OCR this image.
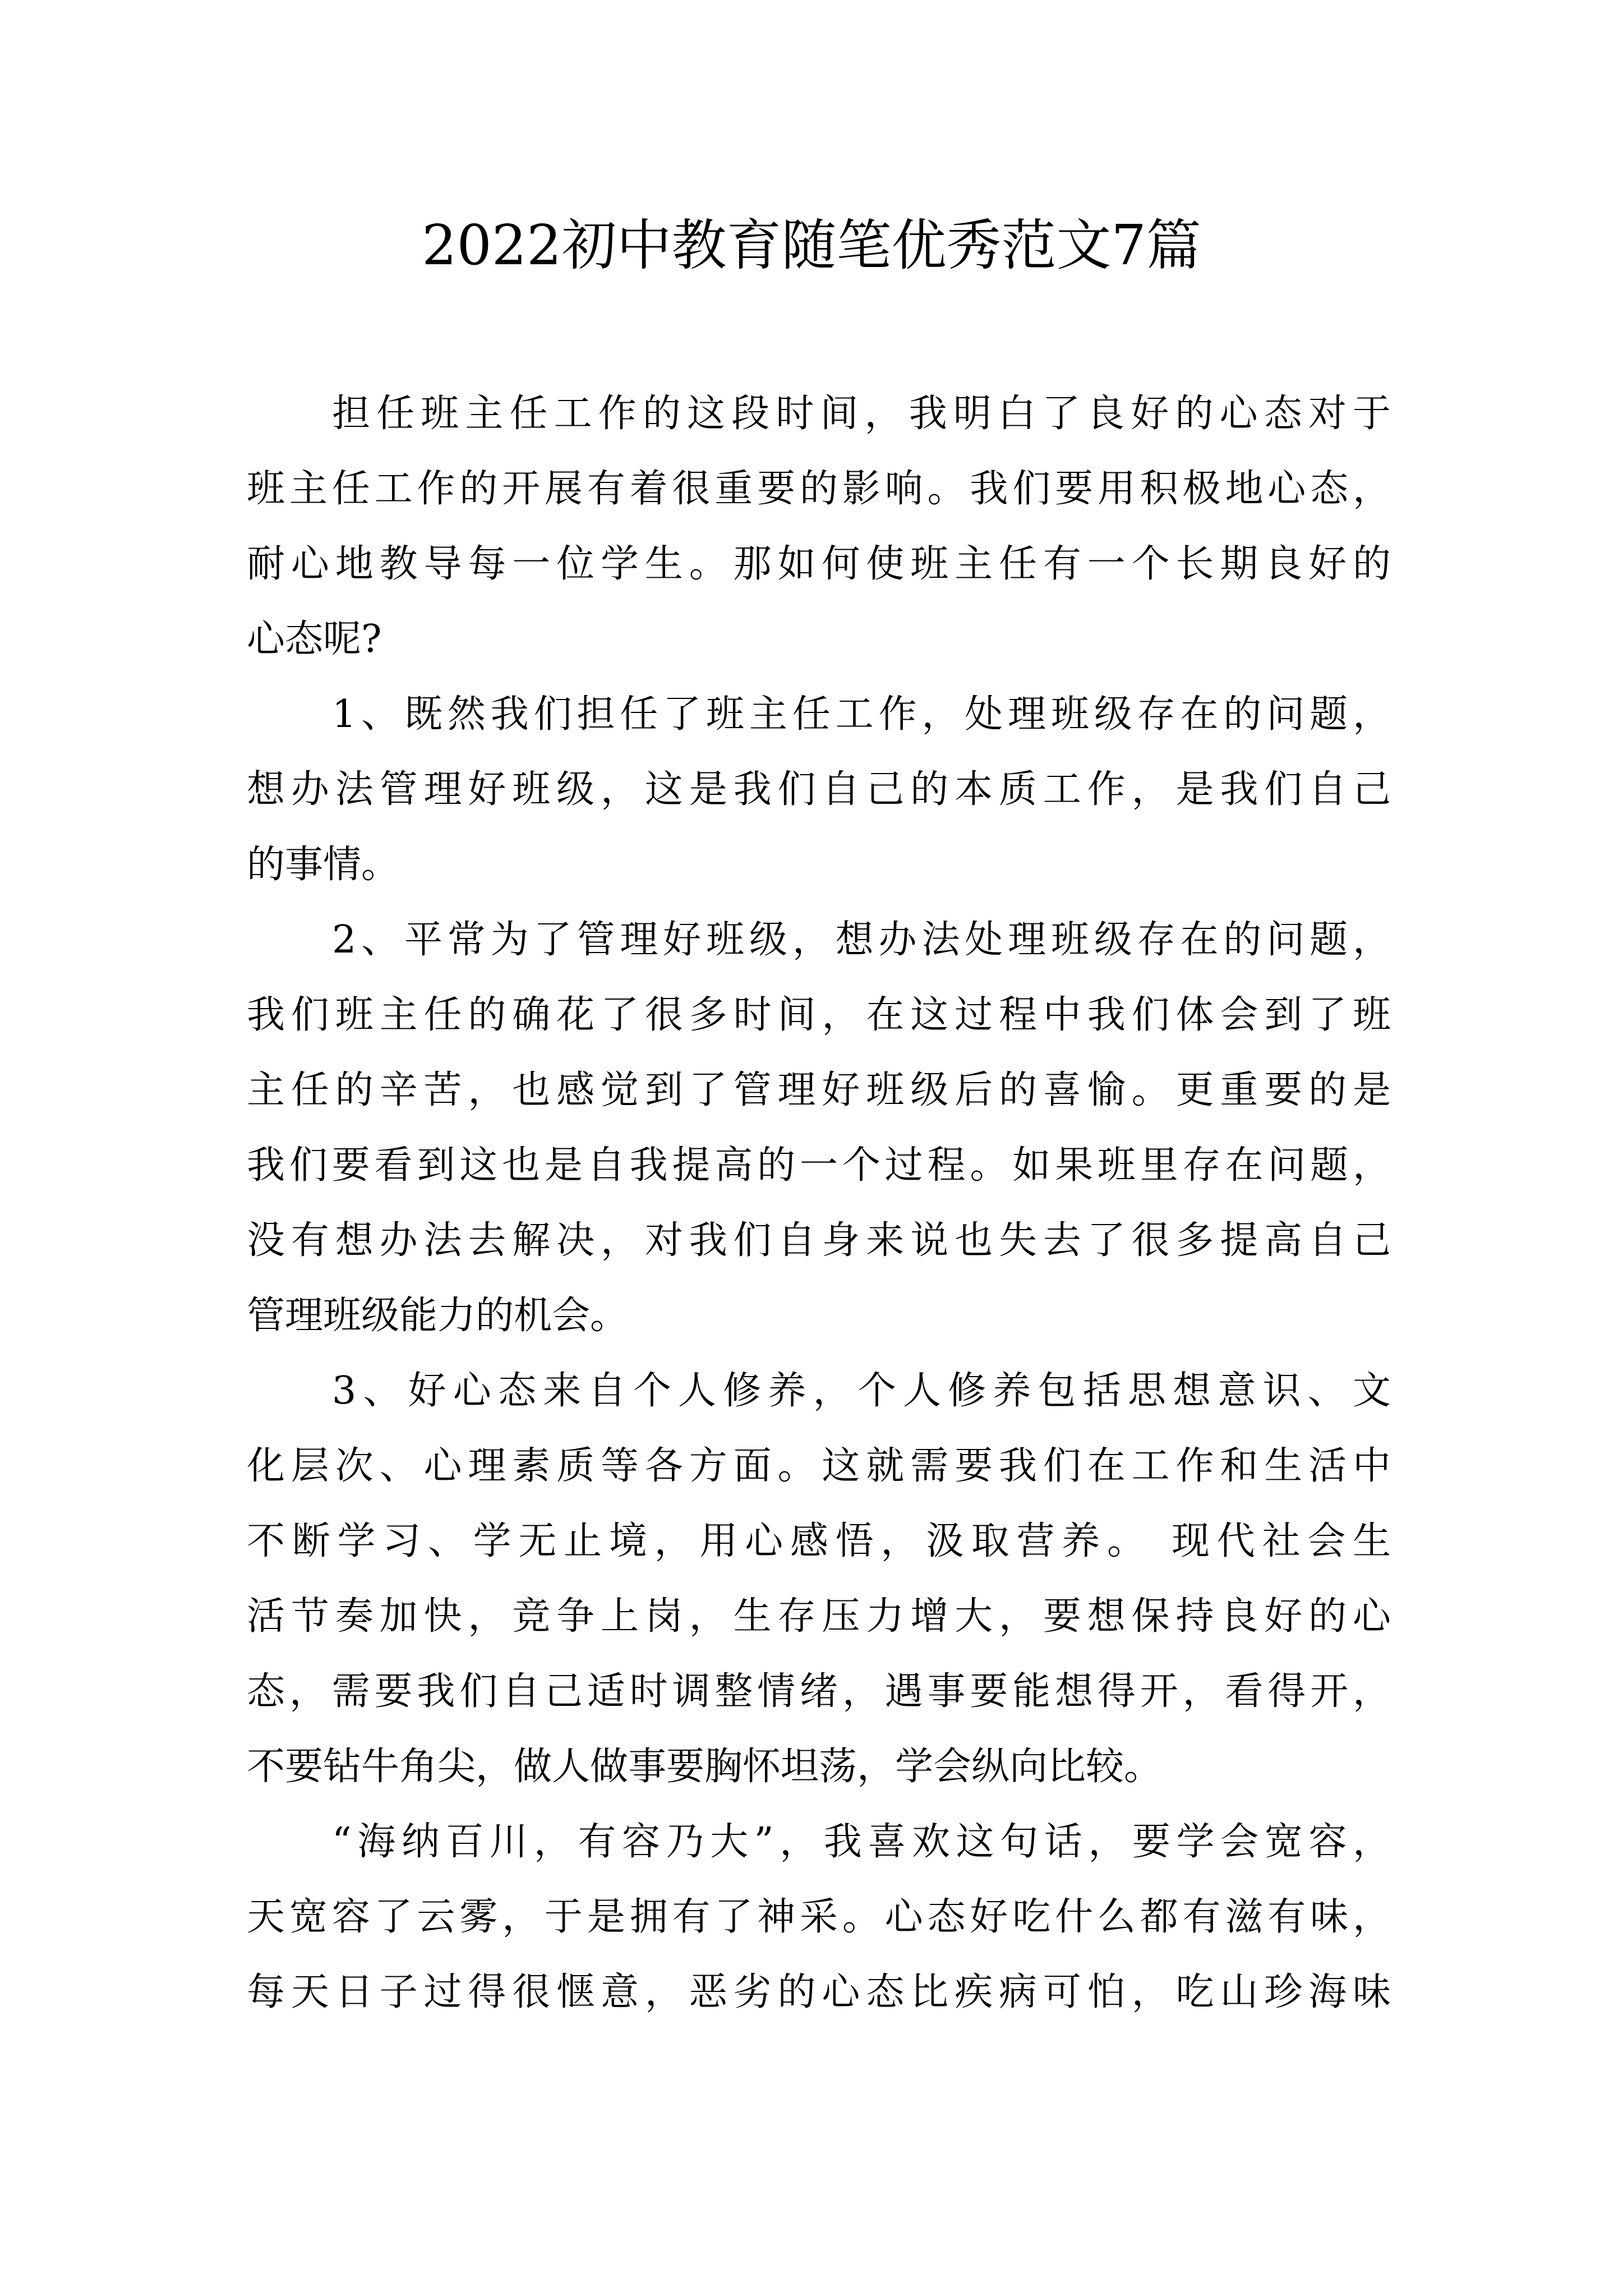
2022初中教育随笔优秀范文7篇
担任班主任工作的这段时间，我明白了良好的心态对于
班主任工作的开展有着很重要的影响。我们要用积极地心态，
耐心地教导每一位学生。那如何使班主任有一个长期良好的
心态呢?
1、既然我们担任了班主任工作，处理班级存在的问题，
想办法管理好班级，这是我们自己的本质工作，是我们自己
的事情。
2、平常为了管理好班级，想办法处理班级存在的问题，
我们班主任的确花了很多时间，在这过程中我们体会到了班
主任的辛苦，也感觉到了管理好班级后的喜愉。更重要的是
我们要看到这也是自我提高的一个过程。如果班里存在问题，
没有想办法去解决，对我们自身来说也失去了很多提高自己
管理班级能力的机会。
3、好心态来自个人修养，个人修养包括思想意识、文
化层次、心理素质等各方面。这就需要我们在工作和生活中
不断学习、学无止境，用心感悟，汲取营养。 现代社会生
活节奏加快，竞争上岗，生存压力增大，要想保持良好的心
态，需要我们自己适时调整情绪，遇事要能想得开，看得开，
不要钻牛角尖，做人做事要胸怀坦荡，学会纵向比较。
“海纳百川，有容乃大”，我喜欢这句话，要学会宽容，
天宽容了云雾，于是拥有了神采。心态好吃什么都有滋有味，
每天日子过得很惬意，恶劣的心态比疾病可怕，吃山珍海味
